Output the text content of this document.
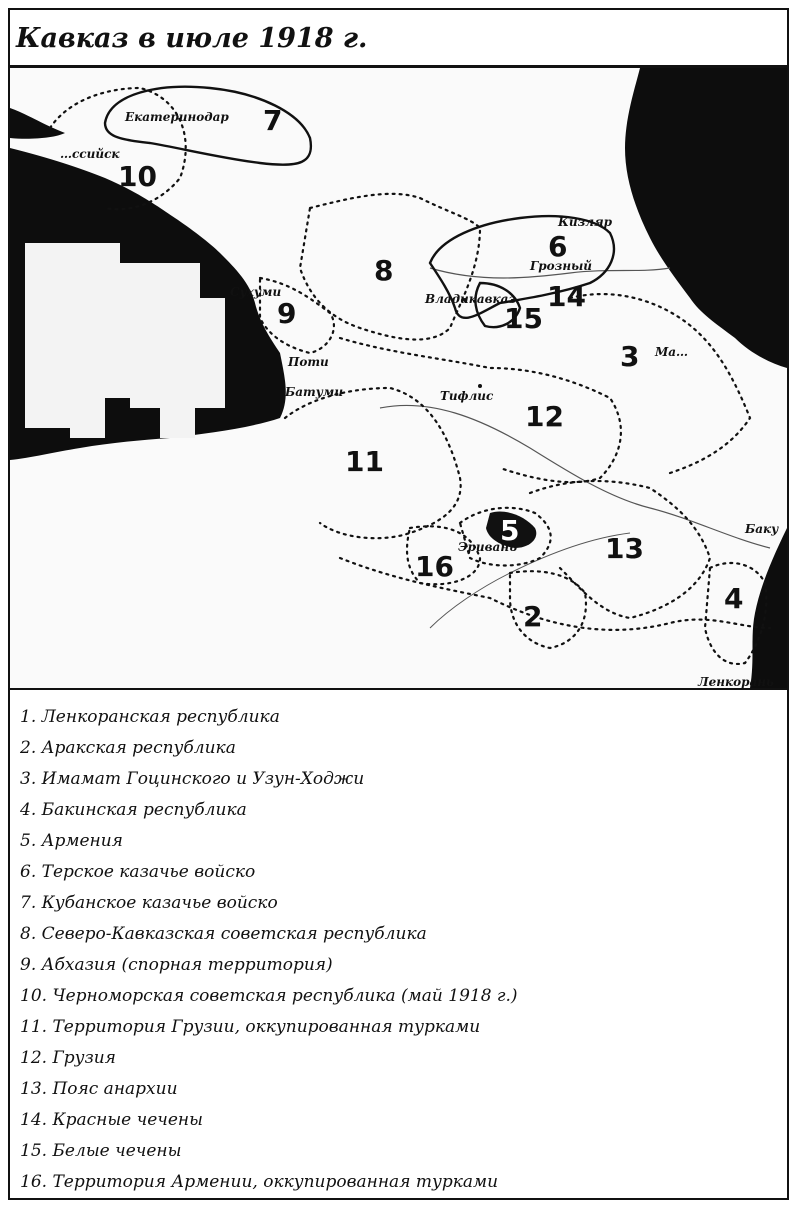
Кавказ в июле 1918 г.
Екатеринодар
…ссийск
Кизляр
Грозный
Владикавказ
Сухуми
Поти
Батуми	Тифлис
Эривань
Баку
Ленкорань
Ма…
7
10
6
8
14
15
9
3
12
11
5
13
16
2
4
1. Ленкоранская республика
2. Аракская республика
3. Имамат Гоцинского и Узун-Ходжи
4. Бакинская республика
5. Армения
6. Терское казачье войско
7. Кубанское казачье войско
8. Северо-Кавказская советская республика
9. Абхазия (спорная территория)
10. Черноморская советская республика (май 1918 г.)
11. Территория Грузии, оккупированная турками
12. Грузия
13. Пояс анархии
14. Красные чечены
15. Белые чечены
16. Территория Армении, оккупированная турками
